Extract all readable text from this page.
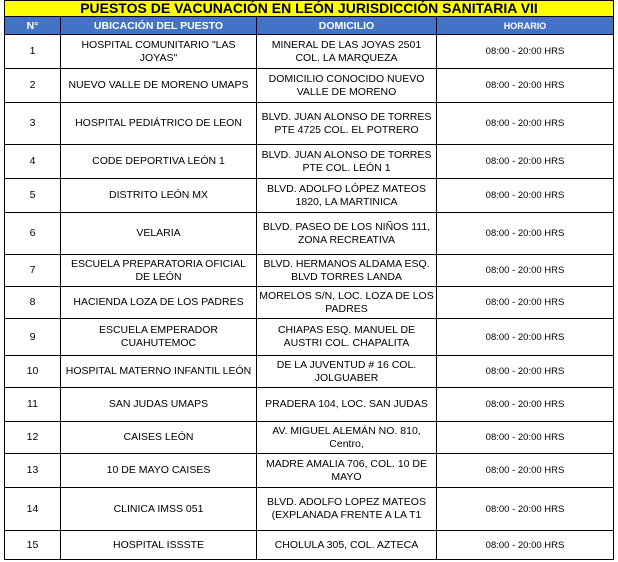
PUESTOS DE VACUNACIÓN EN LEÓN JURISDICCIÓN SANITARIA VII			
N°	UBICACIÓN DEL PUESTO	DOMICILIO	HORARIO
1	HOSPITAL COMUNITARIO "LAS JOYAS"	MINERAL DE LAS JOYAS 2501 COL. LA MARQUEZA	08:00 - 20:00 HRS
2	NUEVO VALLE DE MORENO UMAPS	DOMICILIO CONOCIDO NUEVO VALLE DE MORENO	08:00 - 20:00 HRS
3	HOSPITAL PEDIÁTRICO DE LEON	BLVD. JUAN ALONSO DE TORRES PTE 4725 COL. EL POTRERO	08:00 - 20:00 HRS
4	CODE DEPORTIVA LEÓN 1	BLVD. JUAN ALONSO DE TORRES PTE COL. LEÓN 1	08:00 - 20:00 HRS
5	DISTRITO LEÓN MX	BLVD. ADOLFO LÓPEZ MATEOS 1820, LA MARTINICA	08:00 - 20:00 HRS
6	VELARIA	BLVD. PASEO DE LOS NIÑOS 111, ZONA RECREATIVA	08:00 - 20:00 HRS
7	ESCUELA PREPARATORIA OFICIAL DE LEÓN	BLVD. HERMANOS ALDAMA ESQ. BLVD TORRES LANDA	08:00 - 20:00 HRS
8	HACIENDA LOZA DE LOS PADRES	MORELOS S/N, LOC. LOZA DE LOS PADRES	08:00 - 20:00 HRS
9	ESCUELA EMPERADOR CUAHUTEMOC	CHIAPAS ESQ. MANUEL DE AUSTRI COL. CHAPALITA	08:00 - 20:00 HRS
10	HOSPITAL MATERNO INFANTIL LEÓN	DE LA JUVENTUD # 16 COL. JOLGUABER	08:00 - 20:00 HRS
11	SAN JUDAS UMAPS	PRADERA 104, LOC. SAN JUDAS	08:00 - 20:00 HRS
12	CAISES LEÓN	AV. MIGUEL ALEMÁN NO. 810, Centro,	08:00 - 20:00 HRS
13	10 DE MAYO CAISES	MADRE AMALIA 706, COL. 10 DE MAYO	08:00 - 20:00 HRS
14	CLINICA IMSS 051	BLVD. ADOLFO LOPEZ MATEOS (EXPLANADA FRENTE A LA T1	08:00 - 20:00 HRS
15	HOSPITAL ISSSTE	CHOLULA 305, COL. AZTECA	08:00 - 20:00 HRS
